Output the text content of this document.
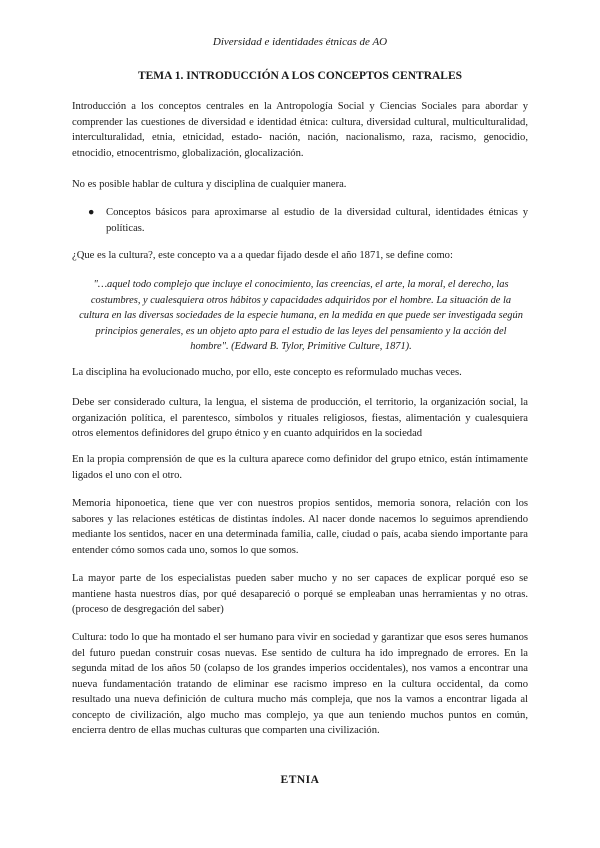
Diversidad e identidades étnicas de AO
TEMA 1. INTRODUCCIÓN A LOS CONCEPTOS CENTRALES

Introducción a los conceptos centrales en la Antropología Social y Ciencias Sociales para abordar y comprender las cuestiones de diversidad e identidad étnica: cultura, diversidad cultural, multiculturalidad, interculturalidad, etnia, etnicidad, estado- nación, nación, nacionalismo, raza, racismo, genocidio, etnocidio, etnocentrismo, globalización, glocalización.

No es posible hablar de cultura y disciplina de cualquier manera.

●	Conceptos básicos para aproximarse al estudio de la diversidad cultural, identidades étnicas y políticas.

¿Que es la cultura?, este concepto va a a quedar fijado desde el año 1871, se define como:

"…aquel todo complejo que incluye el conocimiento, las creencias, el arte, la moral, el derecho, las costumbres, y cualesquiera otros hábitos y capacidades adquiridos por el hombre. La situación de la cultura en las diversas sociedades de la especie humana, en la medida en que puede ser investigada según principios generales, es un objeto apto para el estudio de las leyes del pensamiento y la acción del hombre". (Edward B. Tylor, Primitive Culture, 1871).

La disciplina ha evolucionado mucho, por ello, este concepto es reformulado muchas veces.

Debe ser considerado cultura, la lengua, el sistema de producción, el territorio, la organización social, la organización política, el parentesco, símbolos y rituales religiosos, fiestas, alimentación y cualesquiera otros elementos definidores del grupo étnico y en cuanto adquiridos en la sociedad

En la propia comprensión de que es la cultura aparece como definidor del grupo etnico, están íntimamente ligados el uno con el otro.

Memoria hiponoetica, tiene que ver con nuestros propios sentidos, memoria sonora, relación con los sabores y las relaciones estéticas de distintas índoles. Al nacer donde nacemos lo seguimos aprendiendo mediante los sentidos, nacer en una determinada familia, calle, ciudad o país, acaba siendo importante para entender cómo somos cada uno, somos lo que somos.

La mayor parte de los especialistas pueden saber mucho y no ser capaces de explicar porqué eso se mantiene hasta nuestros días, por qué desapareció o porqué se empleaban unas herramientas y no otras. (proceso de desgregación del saber)

Cultura: todo lo que ha montado el ser humano para vivir en sociedad y garantizar que esos seres humanos del futuro puedan construir cosas nuevas. Ese sentido de cultura ha ido impregnado de errores. En la segunda mitad de los años 50 (colapso de los grandes imperios occidentales), nos vamos a encontrar una nueva fundamentación tratando de eliminar ese racismo impreso en la cultura occidental, da como resultado una nueva definición de cultura mucho más compleja, que nos la vamos a encontrar ligada al concepto de civilización, algo mucho mas complejo, ya que aun teniendo muchos puntos en común, encierra dentro de ellas muchas culturas que comparten una civilización.

ETNIA
